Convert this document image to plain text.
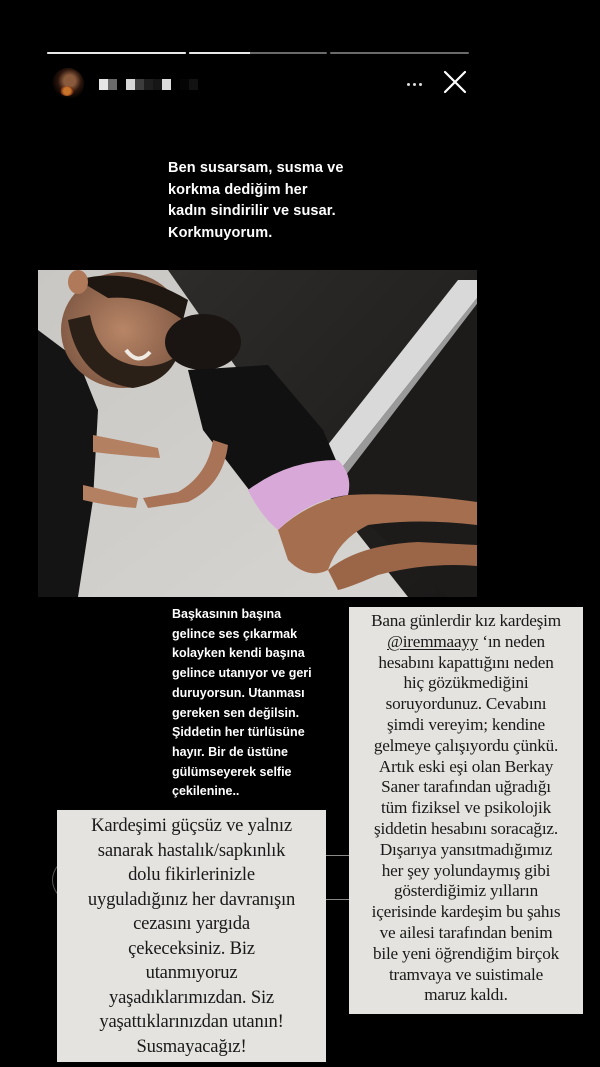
Ben susarsam, susma ve
korkma dediğim her
kadın sindirilir ve susar.
Korkmuyorum.
Başkasının başına
gelince ses çıkarmak
kolayken kendi başına
gelince utanıyor ve geri
duruyorsun. Utanması
gereken sen değilsin.
Şiddetin her türlüsüne
hayır. Bir de üstüne
gülümseyerek selfie
çekilenine..
Bana günlerdir kız kardeşim
@iremmaayy ‘ın neden
hesabını kapattığını neden
hiç gözükmediğini
soruyordunuz. Cevabını
şimdi vereyim; kendine
gelmeye çalışıyordu çünkü.
Artık eski eşi olan Berkay
Saner tarafından uğradığı
tüm fiziksel ve psikolojik
şiddetin hesabını soracağız.
Dışarıya yansıtmadığımız
her şey yolundaymış gibi
gösterdiğimiz yılların
içerisinde kardeşim bu şahıs
ve ailesi tarafından benim
bile yeni öğrendiğim birçok
tramvaya ve suistimale
maruz kaldı.
Kardeşimi güçsüz ve yalnız
sanarak hastalık/sapkınlık
dolu fikirlerinizle
uyguladığınız her davranışın
cezasını yargıda
çekeceksiniz. Biz
utanmıyoruz
yaşadıklarımızdan. Siz
yaşattıklarınızdan utanın!
Susmayacağız!
